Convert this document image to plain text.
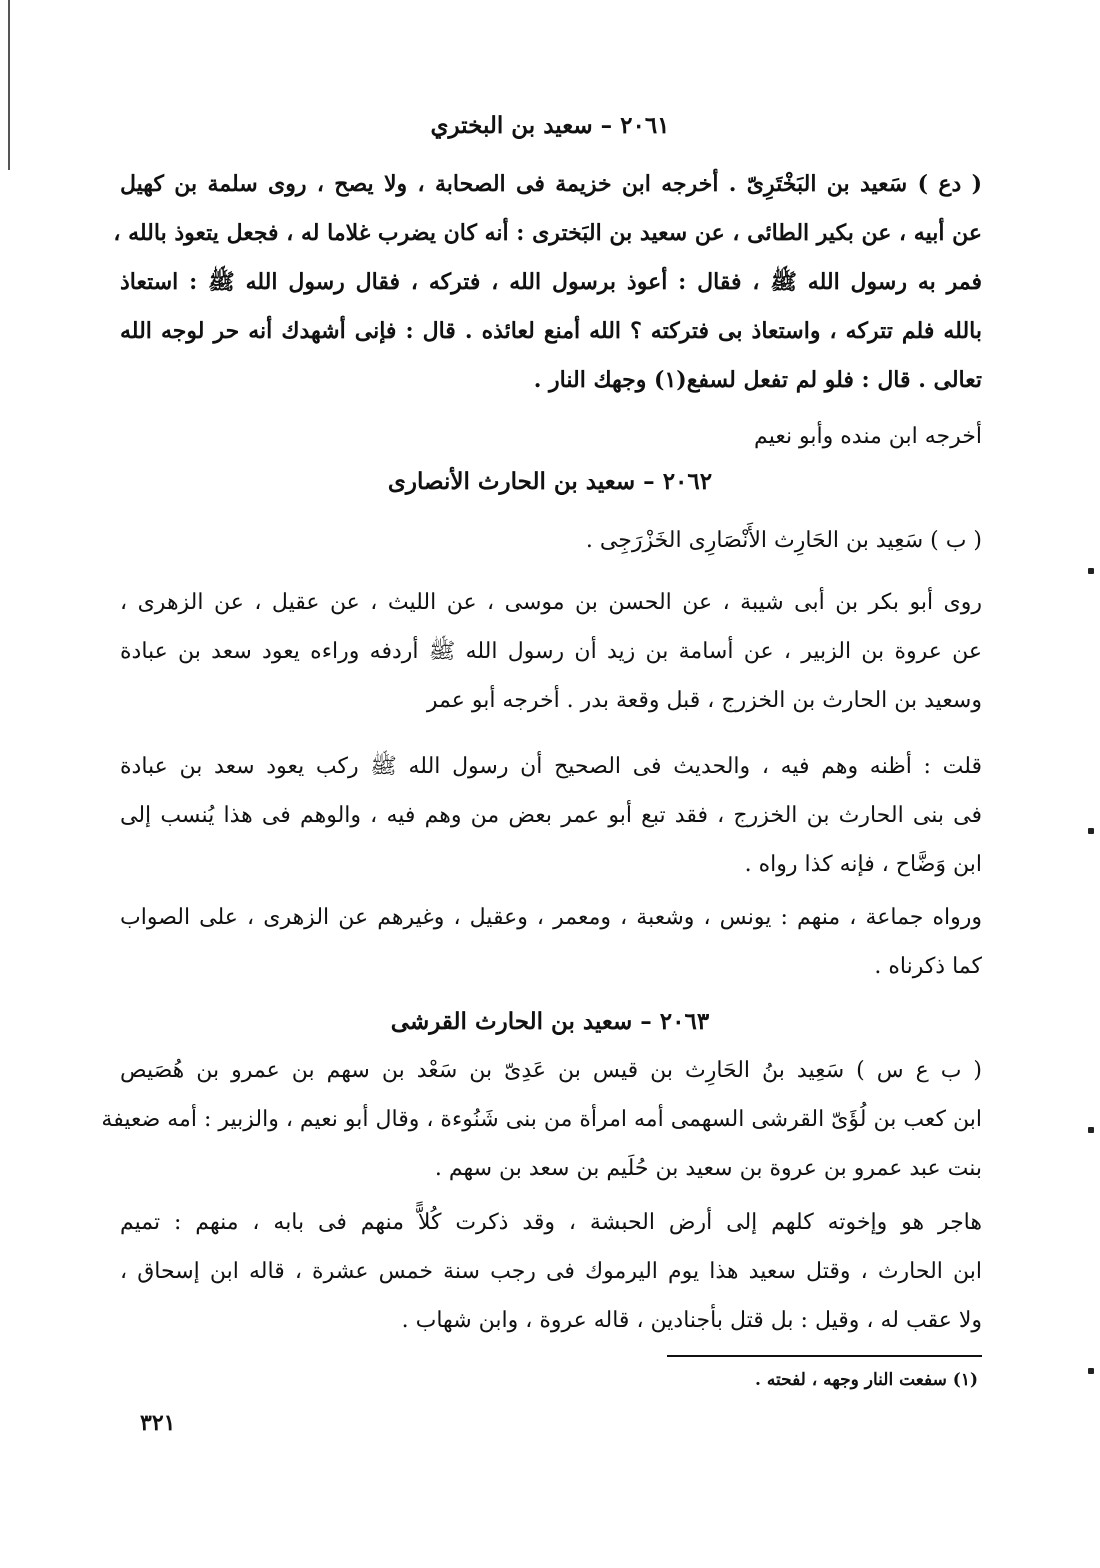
٢٠٦١ – سعيد بن البختري
( دع ) سَعيد بن البَخْتَرِىّ . أخرجه ابن خزيمة فى الصحابة ، ولا يصح ، روى سلمة بن كهيل
عن أبيه ، عن بكير الطائى ، عن سعيد بن البَخترى : أنه كان يضرب غلاما له ، فجعل يتعوذ بالله ،
فمر به رسول الله ﷺ ، فقال : أعوذ برسول الله ، فتركه ، فقال رسول الله ﷺ : استعاذ
بالله فلم تتركه ، واستعاذ بى فتركته ؟ الله أمنع لعائذه . قال : فإنى أشهدك أنه حر لوجه الله
تعالى . قال : فلو لم تفعل لسفع(١) وجهك النار .
أخرجه ابن منده وأبو نعيم
٢٠٦٢ – سعيد بن الحارث الأنصارى
( ب ) سَعِيد بن الحَارِث الأَنْصَارِى الخَزْرَجِى .
روى أبو بكر بن أبى شيبة ، عن الحسن بن موسى ، عن الليث ، عن عقيل ، عن الزهرى ،
عن عروة بن الزبير ، عن أسامة بن زيد أن رسول الله ﷺ أردفه وراءه يعود سعد بن عبادة
وسعيد بن الحارث بن الخزرج ، قبل وقعة بدر . أخرجه أبو عمر
قلت : أظنه وهم فيه ، والحديث فى الصحيح أن رسول الله ﷺ ركب يعود سعد بن عبادة
فى بنى الحارث بن الخزرج ، فقد تبع أبو عمر بعض من وهم فيه ، والوهم فى هذا يُنسب إلى
ابن وَضَّاح ، فإنه كذا رواه .
ورواه جماعة ، منهم : يونس ، وشعبة ، ومعمر ، وعقيل ، وغيرهم عن الزهرى ، على الصواب
كما ذكرناه .
٢٠٦٣ – سعيد بن الحارث القرشى
( ب ع س ) سَعِيد بنُ الحَارِث بن قيس بن عَدِىّ بن سَعْد بن سهم بن عمرو بن هُصَيص
ابن كعب بن لُؤَىّ القرشى السهمى أمه امرأة من بنى شَنُوءة ، وقال أبو نعيم ، والزبير : أمه ضعيفة
بنت عبد عمرو بن عروة بن سعيد بن حُلَيم بن سعد بن سهم .
هاجر هو وإخوته كلهم إلى أرض الحبشة ، وقد ذكرت كُلاًّ منهم فى بابه ، منهم : تميم
ابن الحارث ، وقتل سعيد هذا يوم اليرموك فى رجب سنة خمس عشرة ، قاله ابن إسحاق ،
ولا عقب له ، وقيل : بل قتل بأجنادين ، قاله عروة ، وابن شهاب .
(١) سفعت النار وجهه ، لفحته .
٣٢١
